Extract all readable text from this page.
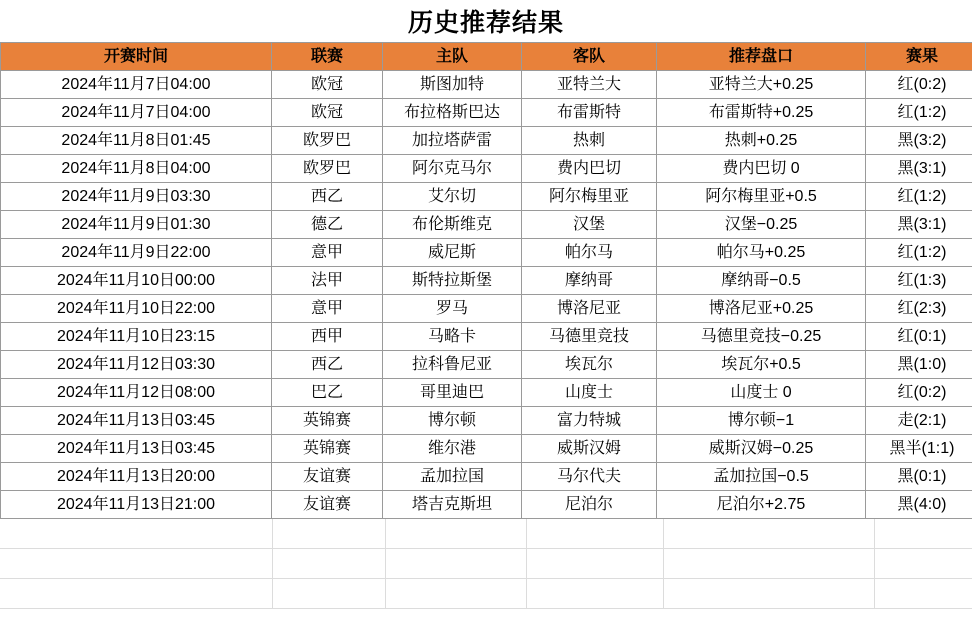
历史推荐结果
开赛时间	联赛	主队	客队	推荐盘口	赛果
2024年11月7日04:00	欧冠	斯图加特	亚特兰大	亚特兰大+0.25	红(0:2)
2024年11月7日04:00	欧冠	布拉格斯巴达	布雷斯特	布雷斯特+0.25	红(1:2)
2024年11月8日01:45	欧罗巴	加拉塔萨雷	热刺	热刺+0.25	黑(3:2)
2024年11月8日04:00	欧罗巴	阿尔克马尔	费内巴切	费内巴切 0	黑(3:1)
2024年11月9日03:30	西乙	艾尔切	阿尔梅里亚	阿尔梅里亚+0.5	红(1:2)
2024年11月9日01:30	德乙	布伦斯维克	汉堡	汉堡−0.25	黑(3:1)
2024年11月9日22:00	意甲	威尼斯	帕尔马	帕尔马+0.25	红(1:2)
2024年11月10日00:00	法甲	斯特拉斯堡	摩纳哥	摩纳哥−0.5	红(1:3)
2024年11月10日22:00	意甲	罗马	博洛尼亚	博洛尼亚+0.25	红(2:3)
2024年11月10日23:15	西甲	马略卡	马德里竞技	马德里竞技−0.25	红(0:1)
2024年11月12日03:30	西乙	拉科鲁尼亚	埃瓦尔	埃瓦尔+0.5	黑(1:0)
2024年11月12日08:00	巴乙	哥里迪巴	山度士	山度士 0	红(0:2)
2024年11月13日03:45	英锦赛	博尔顿	富力特城	博尔顿−1	走(2:1)
2024年11月13日03:45	英锦赛	维尔港	威斯汉姆	威斯汉姆−0.25	黑半(1:1)
2024年11月13日20:00	友谊赛	孟加拉国	马尔代夫	孟加拉国−0.5	黑(0:1)
2024年11月13日21:00	友谊赛	塔吉克斯坦	尼泊尔	尼泊尔+2.75	黑(4:0)
